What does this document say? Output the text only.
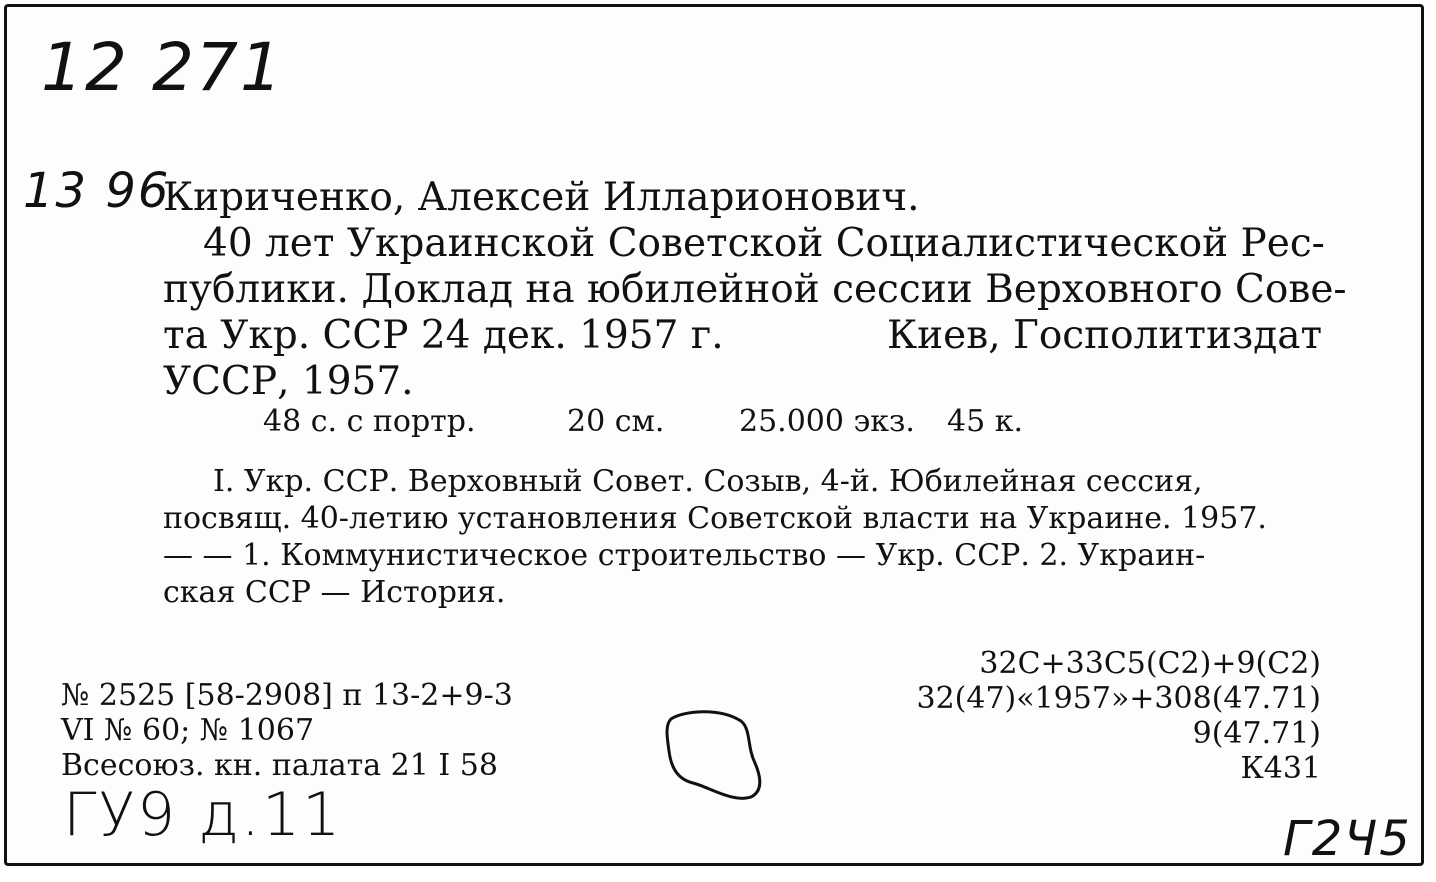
12 271
13 96
Кириченко, Алексей Илларионович.
40 лет Украинской Советской Социалистической Рес-
публики. Доклад на юбилейной сессии Верховного Сове-
та Укр. ССР 24 дек. 1957 г.	Киев, Госполитиздат
УССР, 1957.
48 с. с портр.	20 см. 25.000 экз. 45 к.
I. Укр. ССР. Верховный Совет. Созыв, 4-й. Юбилейная сессия,
посвящ. 40-летию установления Советской власти на Украине. 1957.
— — 1. Коммунистическое строительство — Укр. ССР. 2. Украин-
ская ССР — История.
32С+33С5(С2)+9(С2)
32(47)«1957»+308(47.71)
9(47.71)
К431
№ 2525 [58-2908] п 13-2+9-3
VI № 60; № 1067
Всесоюз. кн. палата 21 I 58
ГУ9 д.11	Г2Ч5
